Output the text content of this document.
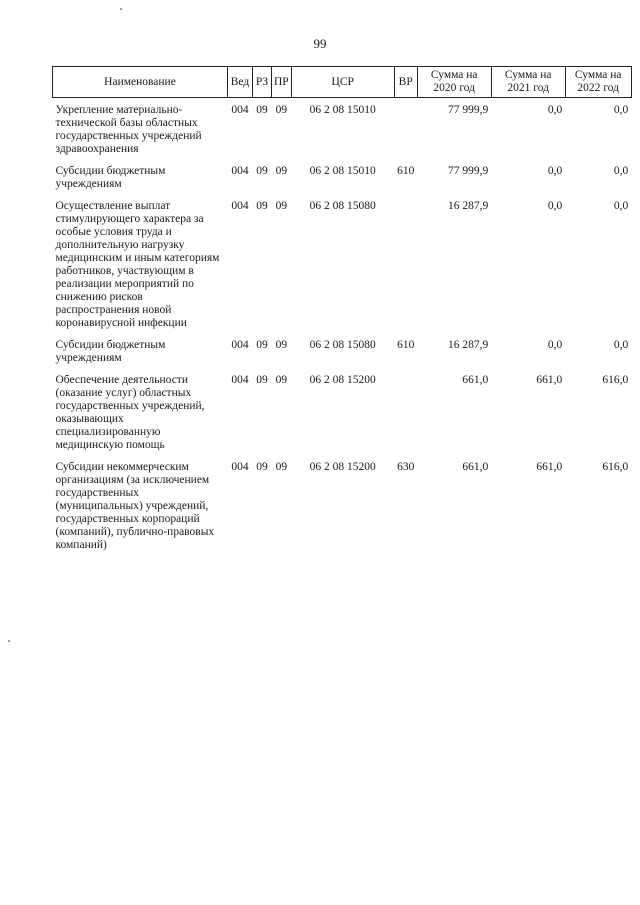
99
Наименование	Вед	РЗ	ПР	ЦСР	ВР	Сумма на 2020 год	Сумма на 2021 год	Сумма на 2022 год
Укрепление материально-технической базы областных государственных учреждений здравоохранения	004	09	09	06 2 08 15010		77 999,9	0,0	0,0
Субсидии бюджетным учреждениям	004	09	09	06 2 08 15010	610	77 999,9	0,0	0,0
Осуществление выплат стимулирующего характера за особые условия труда и дополнительную нагрузку медицинским и иным категориям работников, участвующим в реализации мероприятий по снижению рисков распространения новой коронавирусной инфекции	004	09	09	06 2 08 15080		16 287,9	0,0	0,0
Субсидии бюджетным учреждениям	004	09	09	06 2 08 15080	610	16 287,9	0,0	0,0
Обеспечение деятельности (оказание услуг) областных государственных учреждений, оказывающих специализированную медицинскую помощь	004	09	09	06 2 08 15200		661,0	661,0	616,0
Субсидии некоммерческим организациям (за исключением государственных (муниципальных) учреждений, государственных корпораций (компаний), публично-правовых компаний)	004	09	09	06 2 08 15200	630	661,0	661,0	616,0
